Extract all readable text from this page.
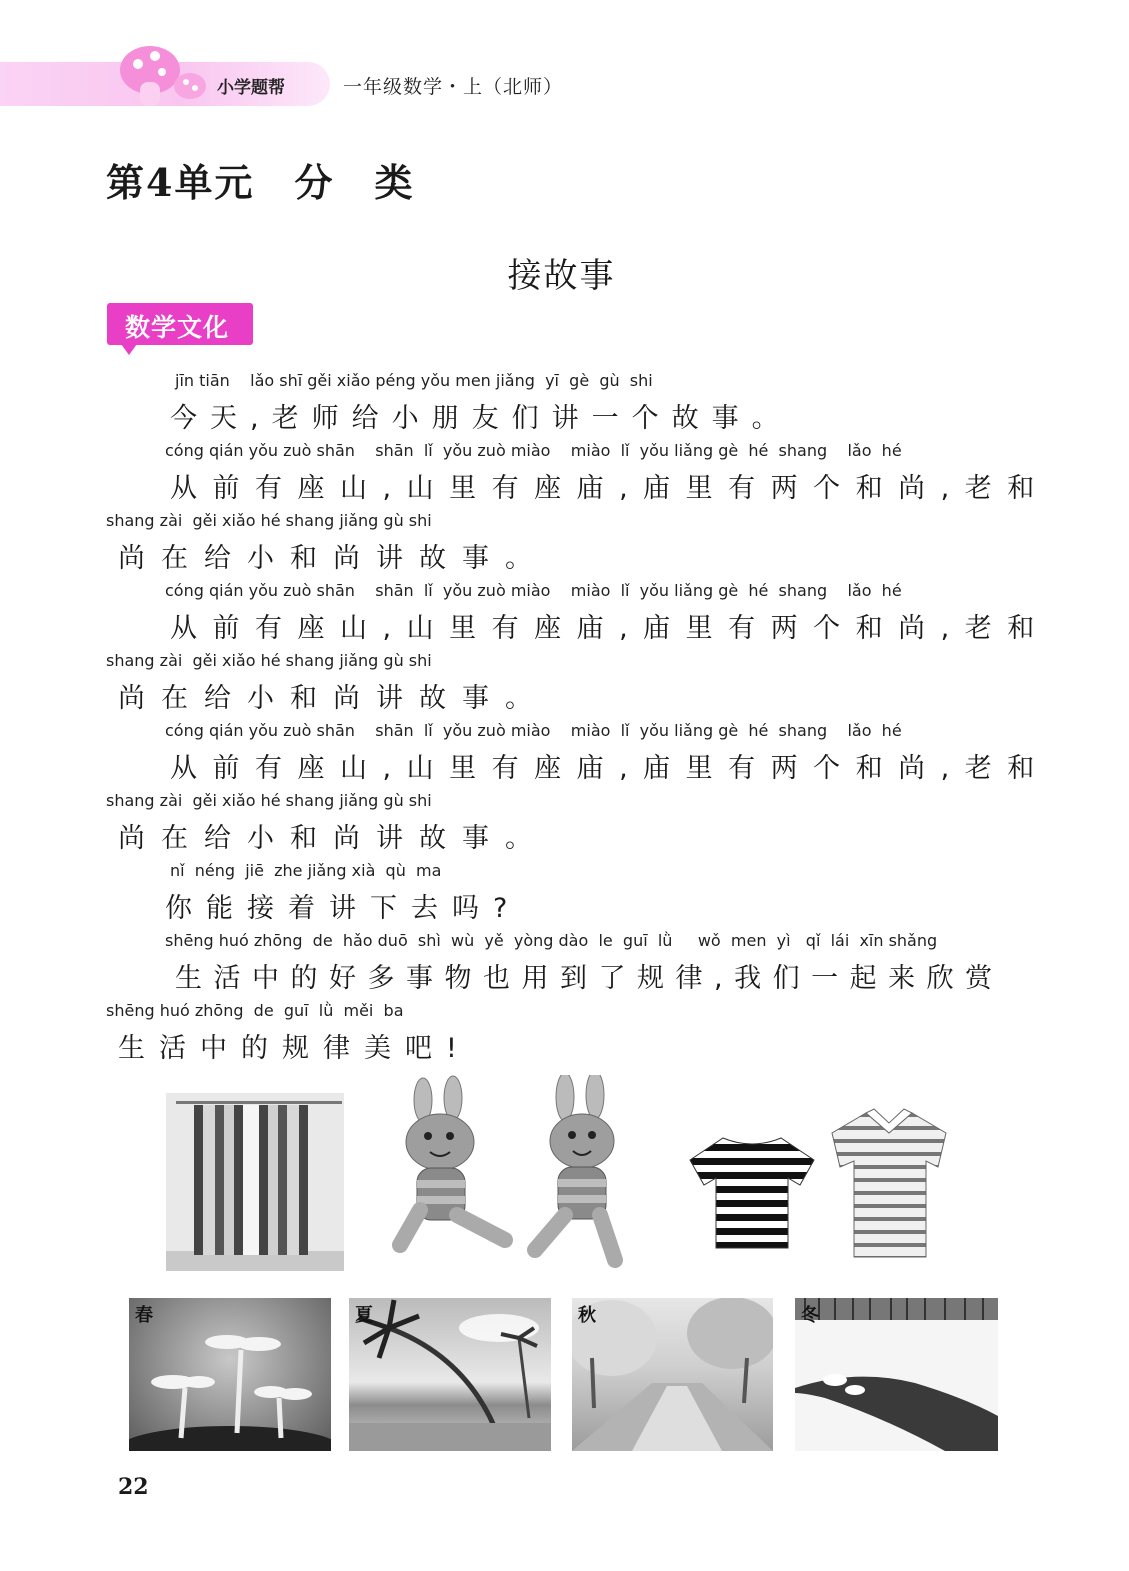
小学题帮	一年级数学・上（北师）
第4单元　分　类
接故事
数学文化
jīn tiān    lǎo shī gěi xiǎo péng yǒu men jiǎng  yī  gè  gù  shi
今天,老师给小朋友们讲一个故事。
cóng qián yǒu zuò shān    shān  lǐ  yǒu zuò miào    miào  lǐ  yǒu liǎng gè  hé  shang    lǎo  hé
从前有座山,山里有座庙,庙里有两个和尚,老和
shang zài  gěi xiǎo hé shang jiǎng gù shi
尚在给小和尚讲故事。
cóng qián yǒu zuò shān    shān  lǐ  yǒu zuò miào    miào  lǐ  yǒu liǎng gè  hé  shang    lǎo  hé
从前有座山,山里有座庙,庙里有两个和尚,老和
shang zài  gěi xiǎo hé shang jiǎng gù shi
尚在给小和尚讲故事。
cóng qián yǒu zuò shān    shān  lǐ  yǒu zuò miào    miào  lǐ  yǒu liǎng gè  hé  shang    lǎo  hé
从前有座山,山里有座庙,庙里有两个和尚,老和
shang zài  gěi xiǎo hé shang jiǎng gù shi
尚在给小和尚讲故事。
nǐ  néng  jiē  zhe jiǎng xià  qù  ma
你能接着讲下去吗?
shēng huó zhōng  de  hǎo duō  shì  wù  yě  yòng dào  le  guī  lǜ     wǒ  men  yì   qǐ  lái  xīn shǎng
生活中的好多事物也用到了规律,我们一起来欣赏
shēng huó zhōng  de  guī  lǜ  měi  ba
生活中的规律美吧!
春	夏	秋	冬
22
